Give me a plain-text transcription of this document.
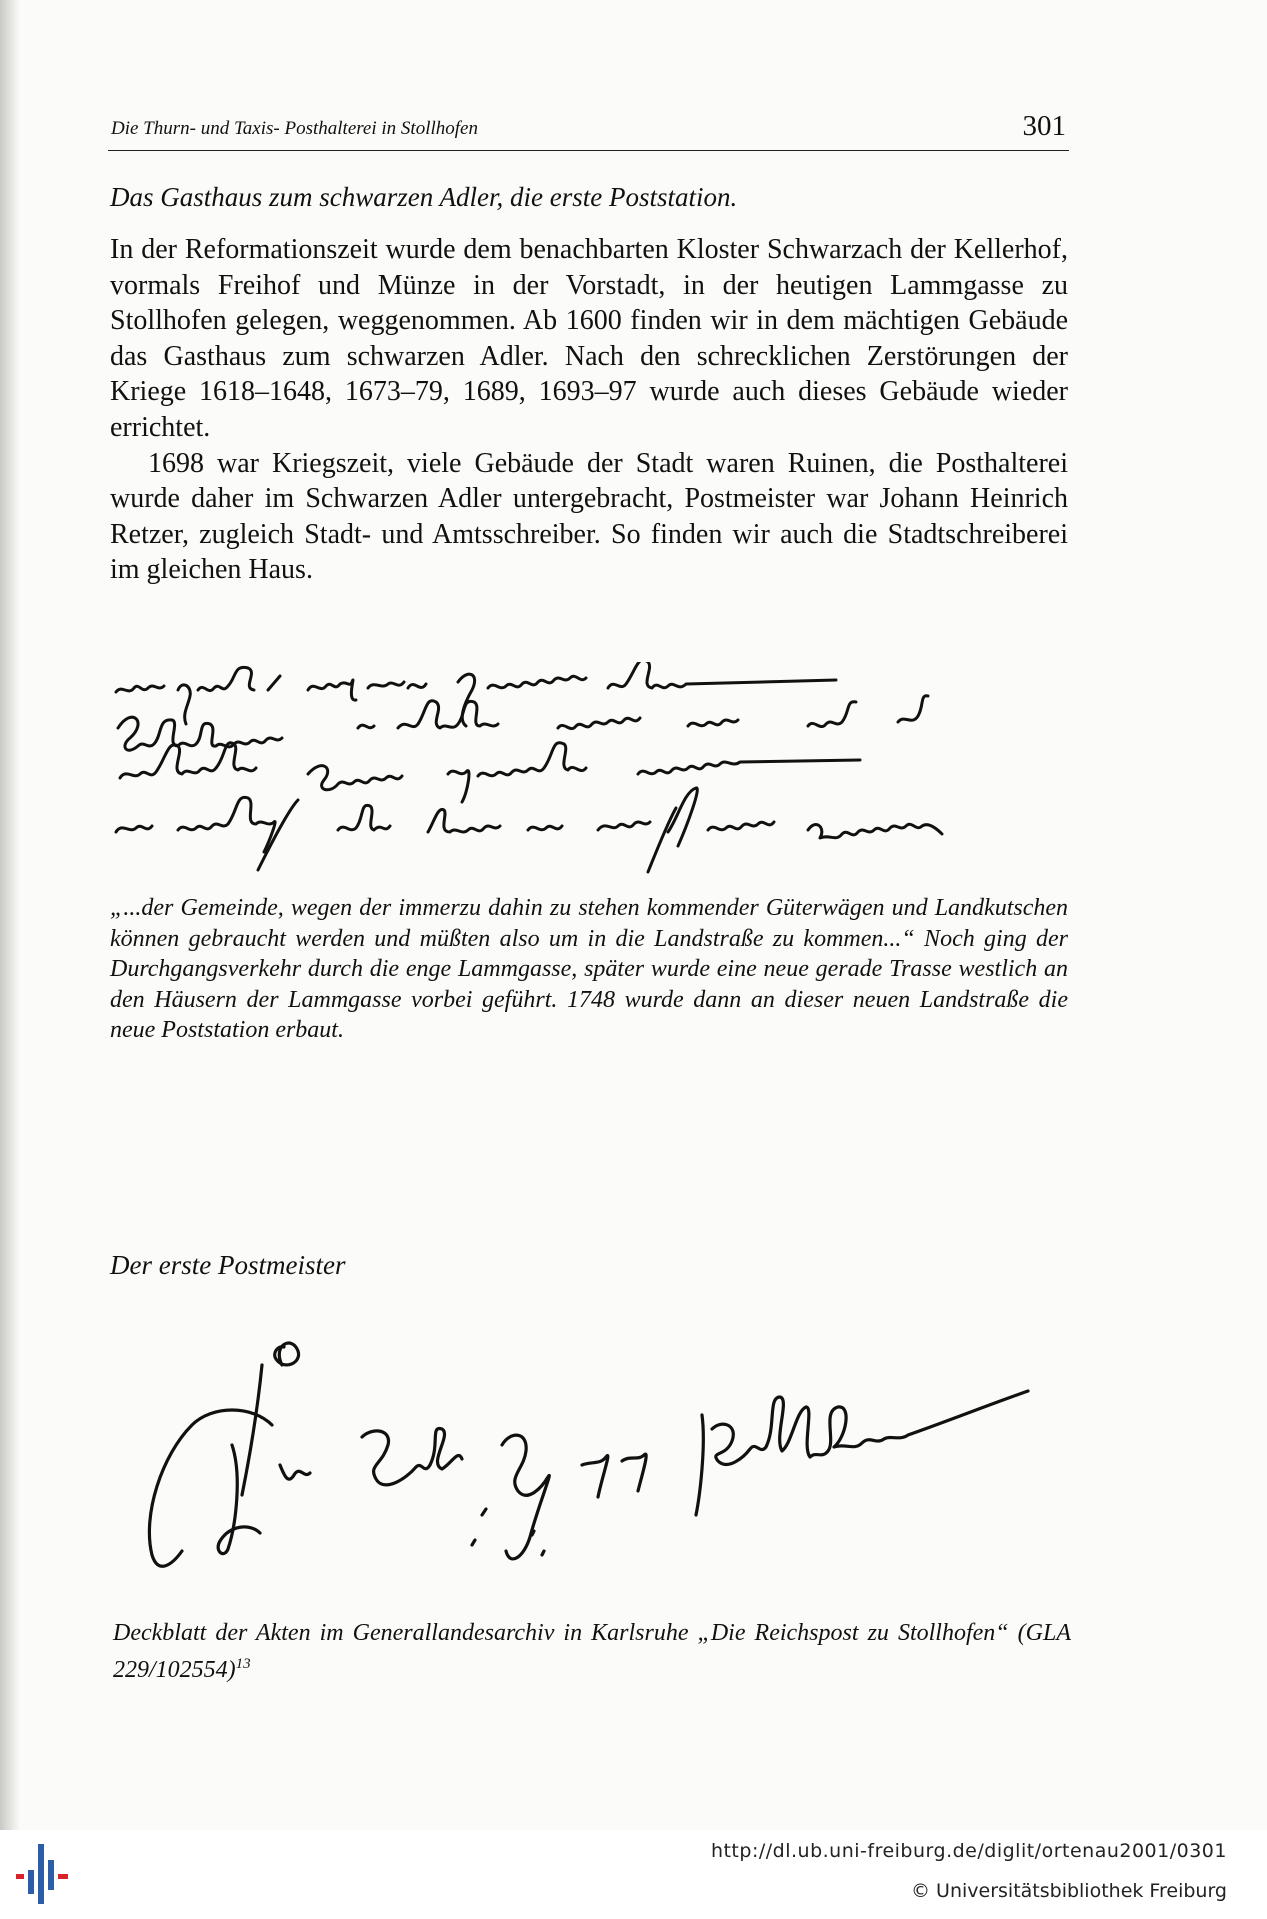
Die Thurn- und Taxis- Posthalterei in Stollhofen	301
Das Gasthaus zum schwarzen Adler, die erste Poststation.

In der Reformationszeit wurde dem benachbarten Kloster Schwarzach der Kellerhof, vormals Freihof und Münze in der Vorstadt, in der heutigen Lammgasse zu Stollhofen gelegen, weggenommen. Ab 1600 finden wir in dem mächtigen Gebäude das Gasthaus zum schwarzen Adler. Nach den schrecklichen Zerstörungen der Kriege 1618–1648, 1673–79, 1689, 1693–97 wurde auch dieses Gebäude wieder errichtet.

1698 war Kriegszeit, viele Gebäude der Stadt waren Ruinen, die Posthalterei wurde daher im Schwarzen Adler untergebracht, Postmeister war Johann Heinrich Retzer, zugleich Stadt- und Amtsschreiber. So finden wir auch die Stadtschreiberei im gleichen Haus.

„...der Gemeinde, wegen der immerzu dahin zu stehen kommender Güterwägen und Landkutschen können gebraucht werden und müßten also um in die Landstraße zu kommen...“ Noch ging der Durchgangsverkehr durch die enge Lammgasse, später wurde eine neue gerade Trasse westlich an den Häusern der Lammgasse vorbei geführt. 1748 wurde dann an dieser neuen Landstraße die neue Poststation erbaut.

Der erste Postmeister

Deckblatt der Akten im Generallandesarchiv in Karlsruhe „Die Reichspost zu Stollhofen“ (GLA 229/102554)$^{13}$

http://dl.ub.uni-freiburg.de/diglit/ortenau2001/0301
© Universitätsbibliothek Freiburg
